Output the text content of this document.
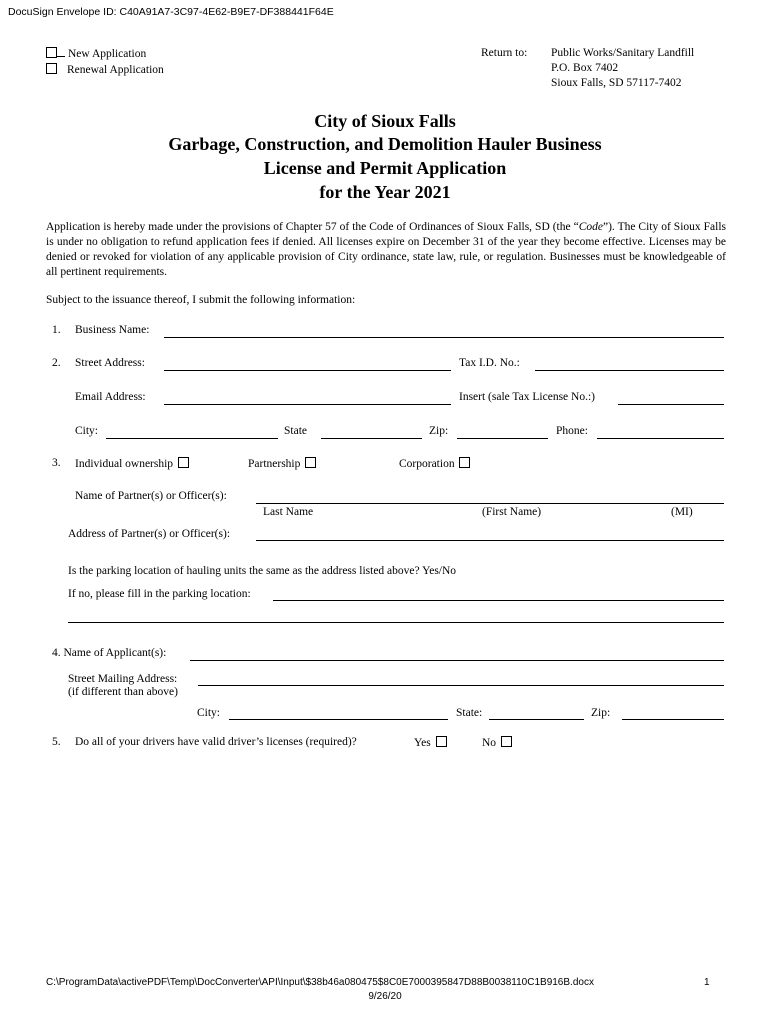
DocuSign Envelope ID: C40A91A7-3C97-4E62-B9E7-DF388441F64E
New Application
Renewal Application
Return to: Public Works/Sanitary Landfill
P.O. Box 7402
Sioux Falls, SD 57117-7402
City of Sioux Falls
Garbage, Construction, and Demolition Hauler Business
License and Permit Application
for the Year 2021
Application is hereby made under the provisions of Chapter 57 of the Code of Ordinances of Sioux Falls, SD (the “Code”). The City of Sioux Falls is under no obligation to refund application fees if denied. All licenses expire on December 31 of the year they become effective. Licenses may be denied or revoked for violation of any applicable provision of City ordinance, state law, rule, or regulation. Businesses must be knowledgeable of all pertinent requirements.
Subject to the issuance thereof, I submit the following information:
1. Business Name:
2. Street Address:	Tax I.D. No.:
Email Address:	Insert (sale Tax License No.:)
City:	State	Zip:	Phone:
3. Individual ownership	Partnership	Corporation
Name of Partner(s) or Officer(s):
Last Name	(First Name)	(MI)
Address of Partner(s) or Officer(s):
Is the parking location of hauling units the same as the address listed above? Yes/No
If no, please fill in the parking location:
4. Name of Applicant(s):
Street Mailing Address:
(if different than above)
City:	State:	Zip:
5. Do all of your drivers have valid driver’s licenses (required)?	Yes	No
C:\ProgramData\activePDF\Temp\DocConverter\API\Input\$38b46a080475$8C0E7000395847D88B0038110C1B916B.docx	1
9/26/20
